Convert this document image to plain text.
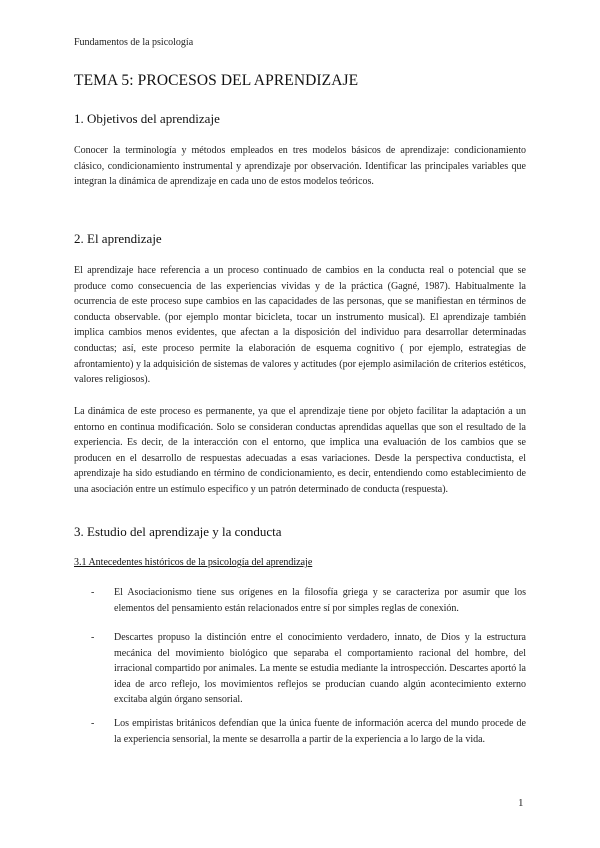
Fundamentos de la psicología
TEMA 5: PROCESOS DEL APRENDIZAJE
1. Objetivos del aprendizaje
Conocer la terminología y métodos empleados en tres modelos básicos de aprendizaje: condicionamiento clásico, condicionamiento instrumental y aprendizaje por observación. Identificar las principales variables que integran la dinámica de aprendizaje en cada uno de estos modelos teóricos.
2. El aprendizaje
El aprendizaje hace referencia a un proceso continuado de cambios en la conducta real o potencial que se produce como consecuencia de las experiencias vividas y de la práctica (Gagné, 1987). Habitualmente la ocurrencia de este proceso supe cambios en las capacidades de las personas, que se manifiestan en términos de conducta observable. (por ejemplo montar bicicleta, tocar un instrumento musical). El aprendizaje también implica cambios menos evidentes, que afectan a la disposición del individuo para desarrollar determinadas conductas; así, este proceso permite la elaboración de esquema cognitivo ( por ejemplo, estrategias de afrontamiento) y la adquisición de sistemas de valores y actitudes (por ejemplo asimilación de criterios estéticos, valores religiosos).
La dinámica de este proceso es permanente, ya que el aprendizaje tiene por objeto facilitar la adaptación a un entorno en continua modificación. Solo se consideran conductas aprendidas aquellas que son el resultado de la experiencia. Es decir, de la interacción con el entorno, que implica una evaluación de los cambios que se producen en el desarrollo de respuestas adecuadas a esas variaciones. Desde la perspectiva conductista, el aprendizaje ha sido estudiando en término de condicionamiento, es decir, entendiendo como establecimiento de una asociación entre un estímulo especifico y un patrón determinado de conducta (respuesta).
3. Estudio del aprendizaje y la conducta
3.1 Antecedentes históricos de la psicología del aprendizaje
- El Asociacionismo tiene sus orígenes en la filosofía griega y se caracteriza por asumir que los elementos del pensamiento están relacionados entre sí por simples reglas de conexión.
- Descartes propuso la distinción entre el conocimiento verdadero, innato, de Dios y la estructura mecánica del movimiento biológico que separaba el comportamiento racional del hombre, del irracional compartido por animales. La mente se estudia mediante la introspección. Descartes aportó la idea de arco reflejo, los movimientos reflejos se producían cuando algún acontecimiento externo excitaba algún órgano sensorial.
- Los empiristas británicos defendían que la única fuente de información acerca del mundo procede de la experiencia sensorial, la mente se desarrolla a partir de la experiencia a lo largo de la vida.
1
